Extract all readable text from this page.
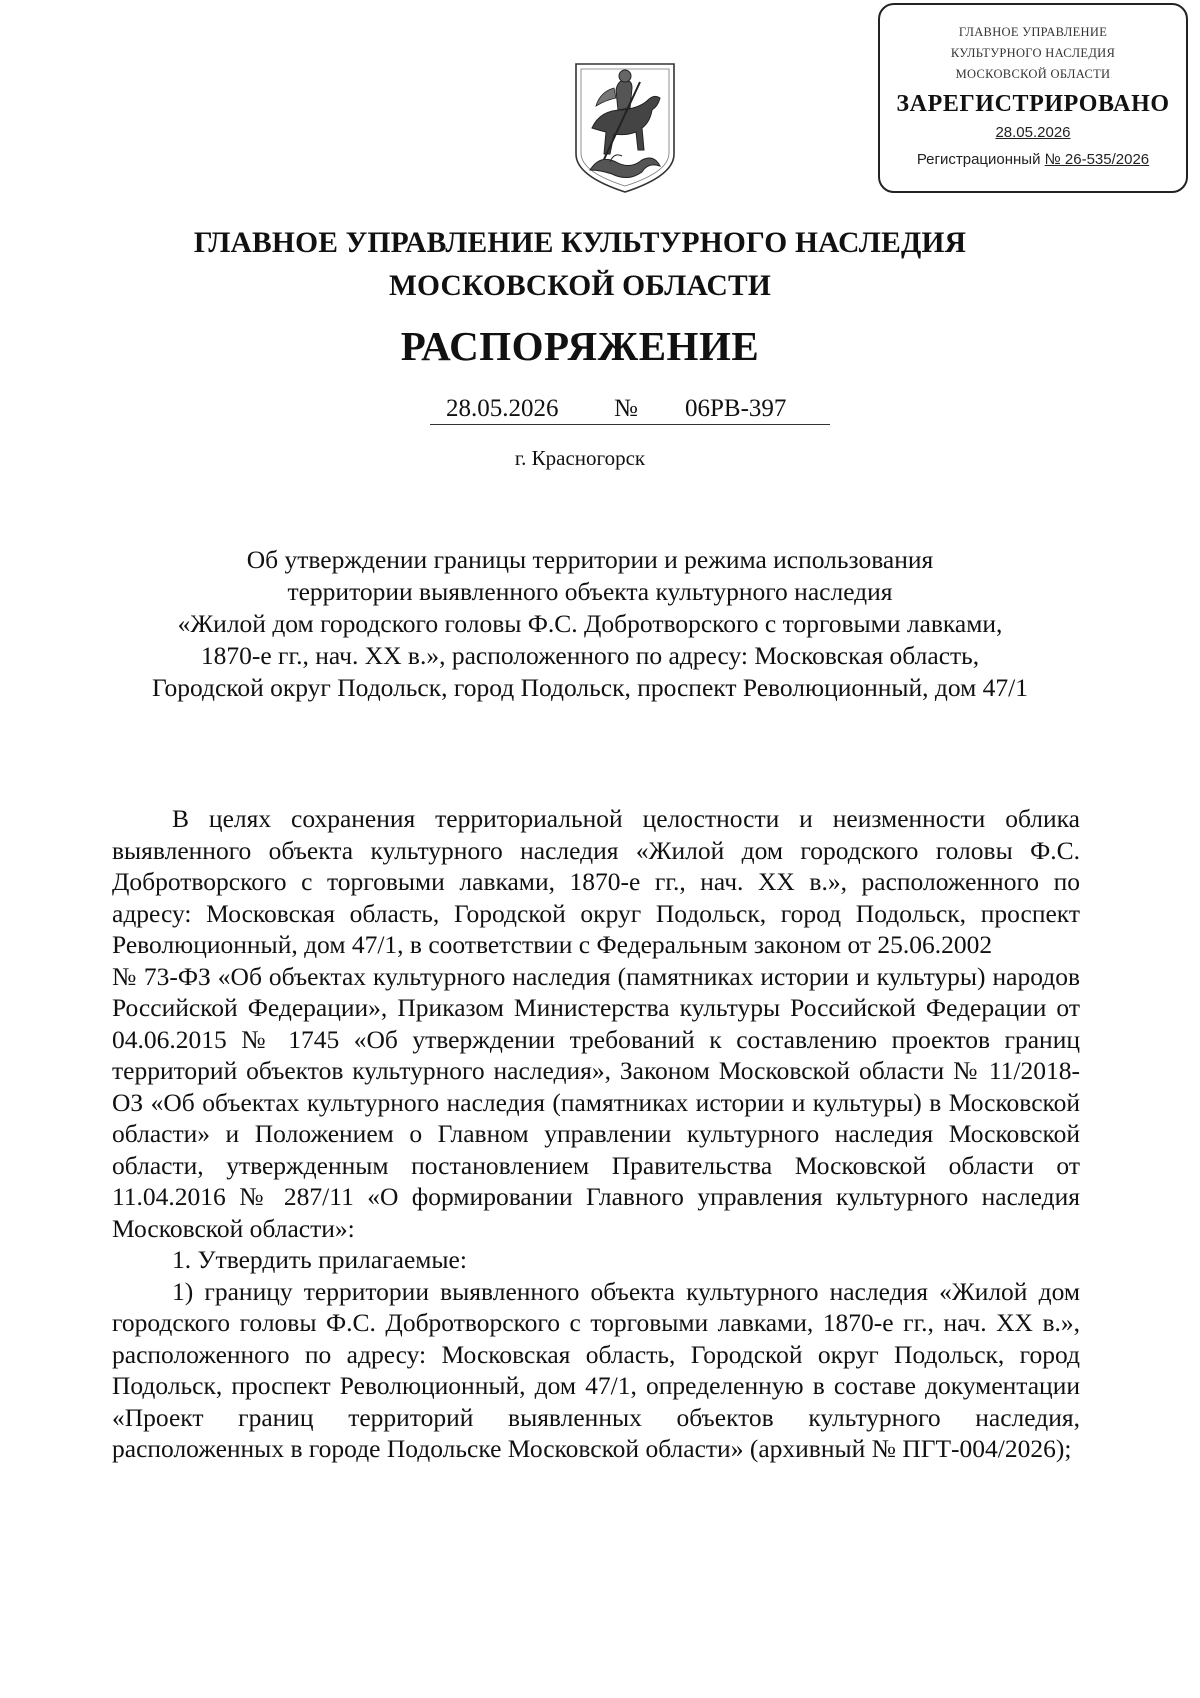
ГЛАВНОЕ УПРАВЛЕНИЕ
КУЛЬТУРНОГО НАСЛЕДИЯ
МОСКОВСКОЙ ОБЛАСТИ
ЗАРЕГИСТРИРОВАНО
28.05.2026
Регистрационный № 26-535/2026
ГЛАВНОЕ УПРАВЛЕНИЕ КУЛЬТУРНОГО НАСЛЕДИЯ
МОСКОВСКОЙ ОБЛАСТИ
РАСПОРЯЖЕНИЕ
28.05.2026 № 06РВ-397
г. Красногорск
Об утверждении границы территории и режима использования
территории выявленного объекта культурного наследия
«Жилой дом городского головы Ф.С. Добротворского с торговыми лавками,
1870-е гг., нач. XX в.», расположенного по адресу: Московская область,
Городской округ Подольск, город Подольск, проспект Революционный, дом 47/1

В целях сохранения территориальной целостности и неизменности облика выявленного объекта культурного наследия «Жилой дом городского головы Ф.С. Добротворского с торговыми лавками, 1870-е гг., нач. XX в.», расположенного по адресу: Московская область, Городской округ Подольск, город Подольск, проспект Революционный, дом 47/1, в соответствии с Федеральным законом от 25.06.2002

№ 73-ФЗ «Об объектах культурного наследия (памятниках истории и культуры) народов Российской Федерации», Приказом Министерства культуры Российской Федерации от 04.06.2015 № 1745 «Об утверждении требований к составлению проектов границ территорий объектов культурного наследия», Законом Московской области № 11/2018-ОЗ «Об объектах культурного наследия (памятниках истории и культуры) в Московской области» и Положением о Главном управлении культурного наследия Московской области, утвержденным постановлением Правительства Московской области от 11.04.2016 № 287/11 «О формировании Главного управления культурного наследия Московской области»:

1. Утвердить прилагаемые:

1) границу территории выявленного объекта культурного наследия «Жилой дом городского головы Ф.С. Добротворского с торговыми лавками, 1870-е гг., нач. XX в.», расположенного по адресу: Московская область, Городской округ Подольск, город Подольск, проспект Революционный, дом 47/1, определенную в составе документации «Проект границ территорий выявленных объектов культурного наследия, расположенных в городе Подольске Московской области» (архивный № ПГТ-004/2026);
